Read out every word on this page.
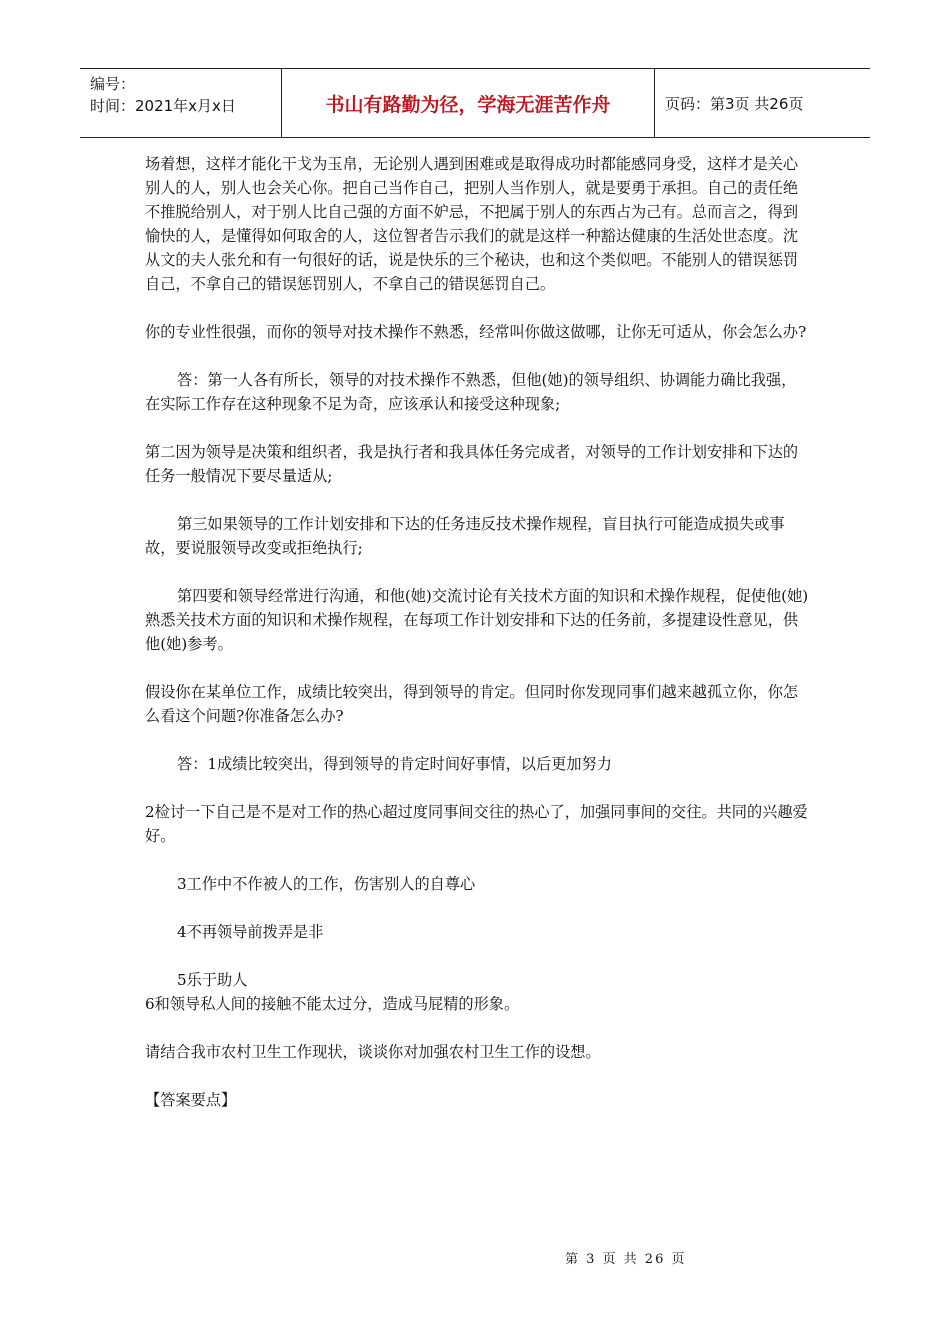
编号：
时间：2021年x月x日	书山有路勤为径，学海无涯苦作舟	页码：第3页 共26页

场着想，这样才能化干戈为玉帛，无论别人遇到困难或是取得成功时都能感同身受，这样才是关心别人的人，别人也会关心你。把自己当作自己，把别人当作别人，就是要勇于承担。自己的责任绝不推脱给别人，对于别人比自己强的方面不妒忌，不把属于别人的东西占为己有。总而言之，得到愉快的人，是懂得如何取舍的人，这位智者告示我们的就是这样一种豁达健康的生活处世态度。沈从文的夫人张允和有一句很好的话，说是快乐的三个秘诀，也和这个类似吧。不能别人的错误惩罚自己，不拿自己的错误惩罚别人，不拿自己的错误惩罚自己。

你的专业性很强，而你的领导对技术操作不熟悉，经常叫你做这做哪，让你无可适从，你会怎么办?

答：第一人各有所长，领导的对技术操作不熟悉，但他(她)的领导组织、协调能力确比我强，在实际工作存在这种现象不足为奇，应该承认和接受这种现象;

第二因为领导是决策和组织者，我是执行者和我具体任务完成者，对领导的工作计划安排和下达的任务一般情况下要尽量适从;

第三如果领导的工作计划安排和下达的任务违反技术操作规程，盲目执行可能造成损失或事故，要说服领导改变或拒绝执行;

第四要和领导经常进行沟通，和他(她)交流讨论有关技术方面的知识和术操作规程，促使他(她)熟悉关技术方面的知识和术操作规程，在每项工作计划安排和下达的任务前，多提建设性意见，供他(她)参考。

假设你在某单位工作，成绩比较突出，得到领导的肯定。但同时你发现同事们越来越孤立你，你怎么看这个问题?你准备怎么办?

答：1成绩比较突出，得到领导的肯定时间好事情，以后更加努力

2检讨一下自己是不是对工作的热心超过度同事间交往的热心了，加强同事间的交往。共同的兴趣爱好。

3工作中不作被人的工作，伤害别人的自尊心

4不再领导前拨弄是非

5乐于助人

6和领导私人间的接触不能太过分，造成马屁精的形象。

请结合我市农村卫生工作现状，谈谈你对加强农村卫生工作的设想。

【答案要点】

第 3 页 共 26 页
